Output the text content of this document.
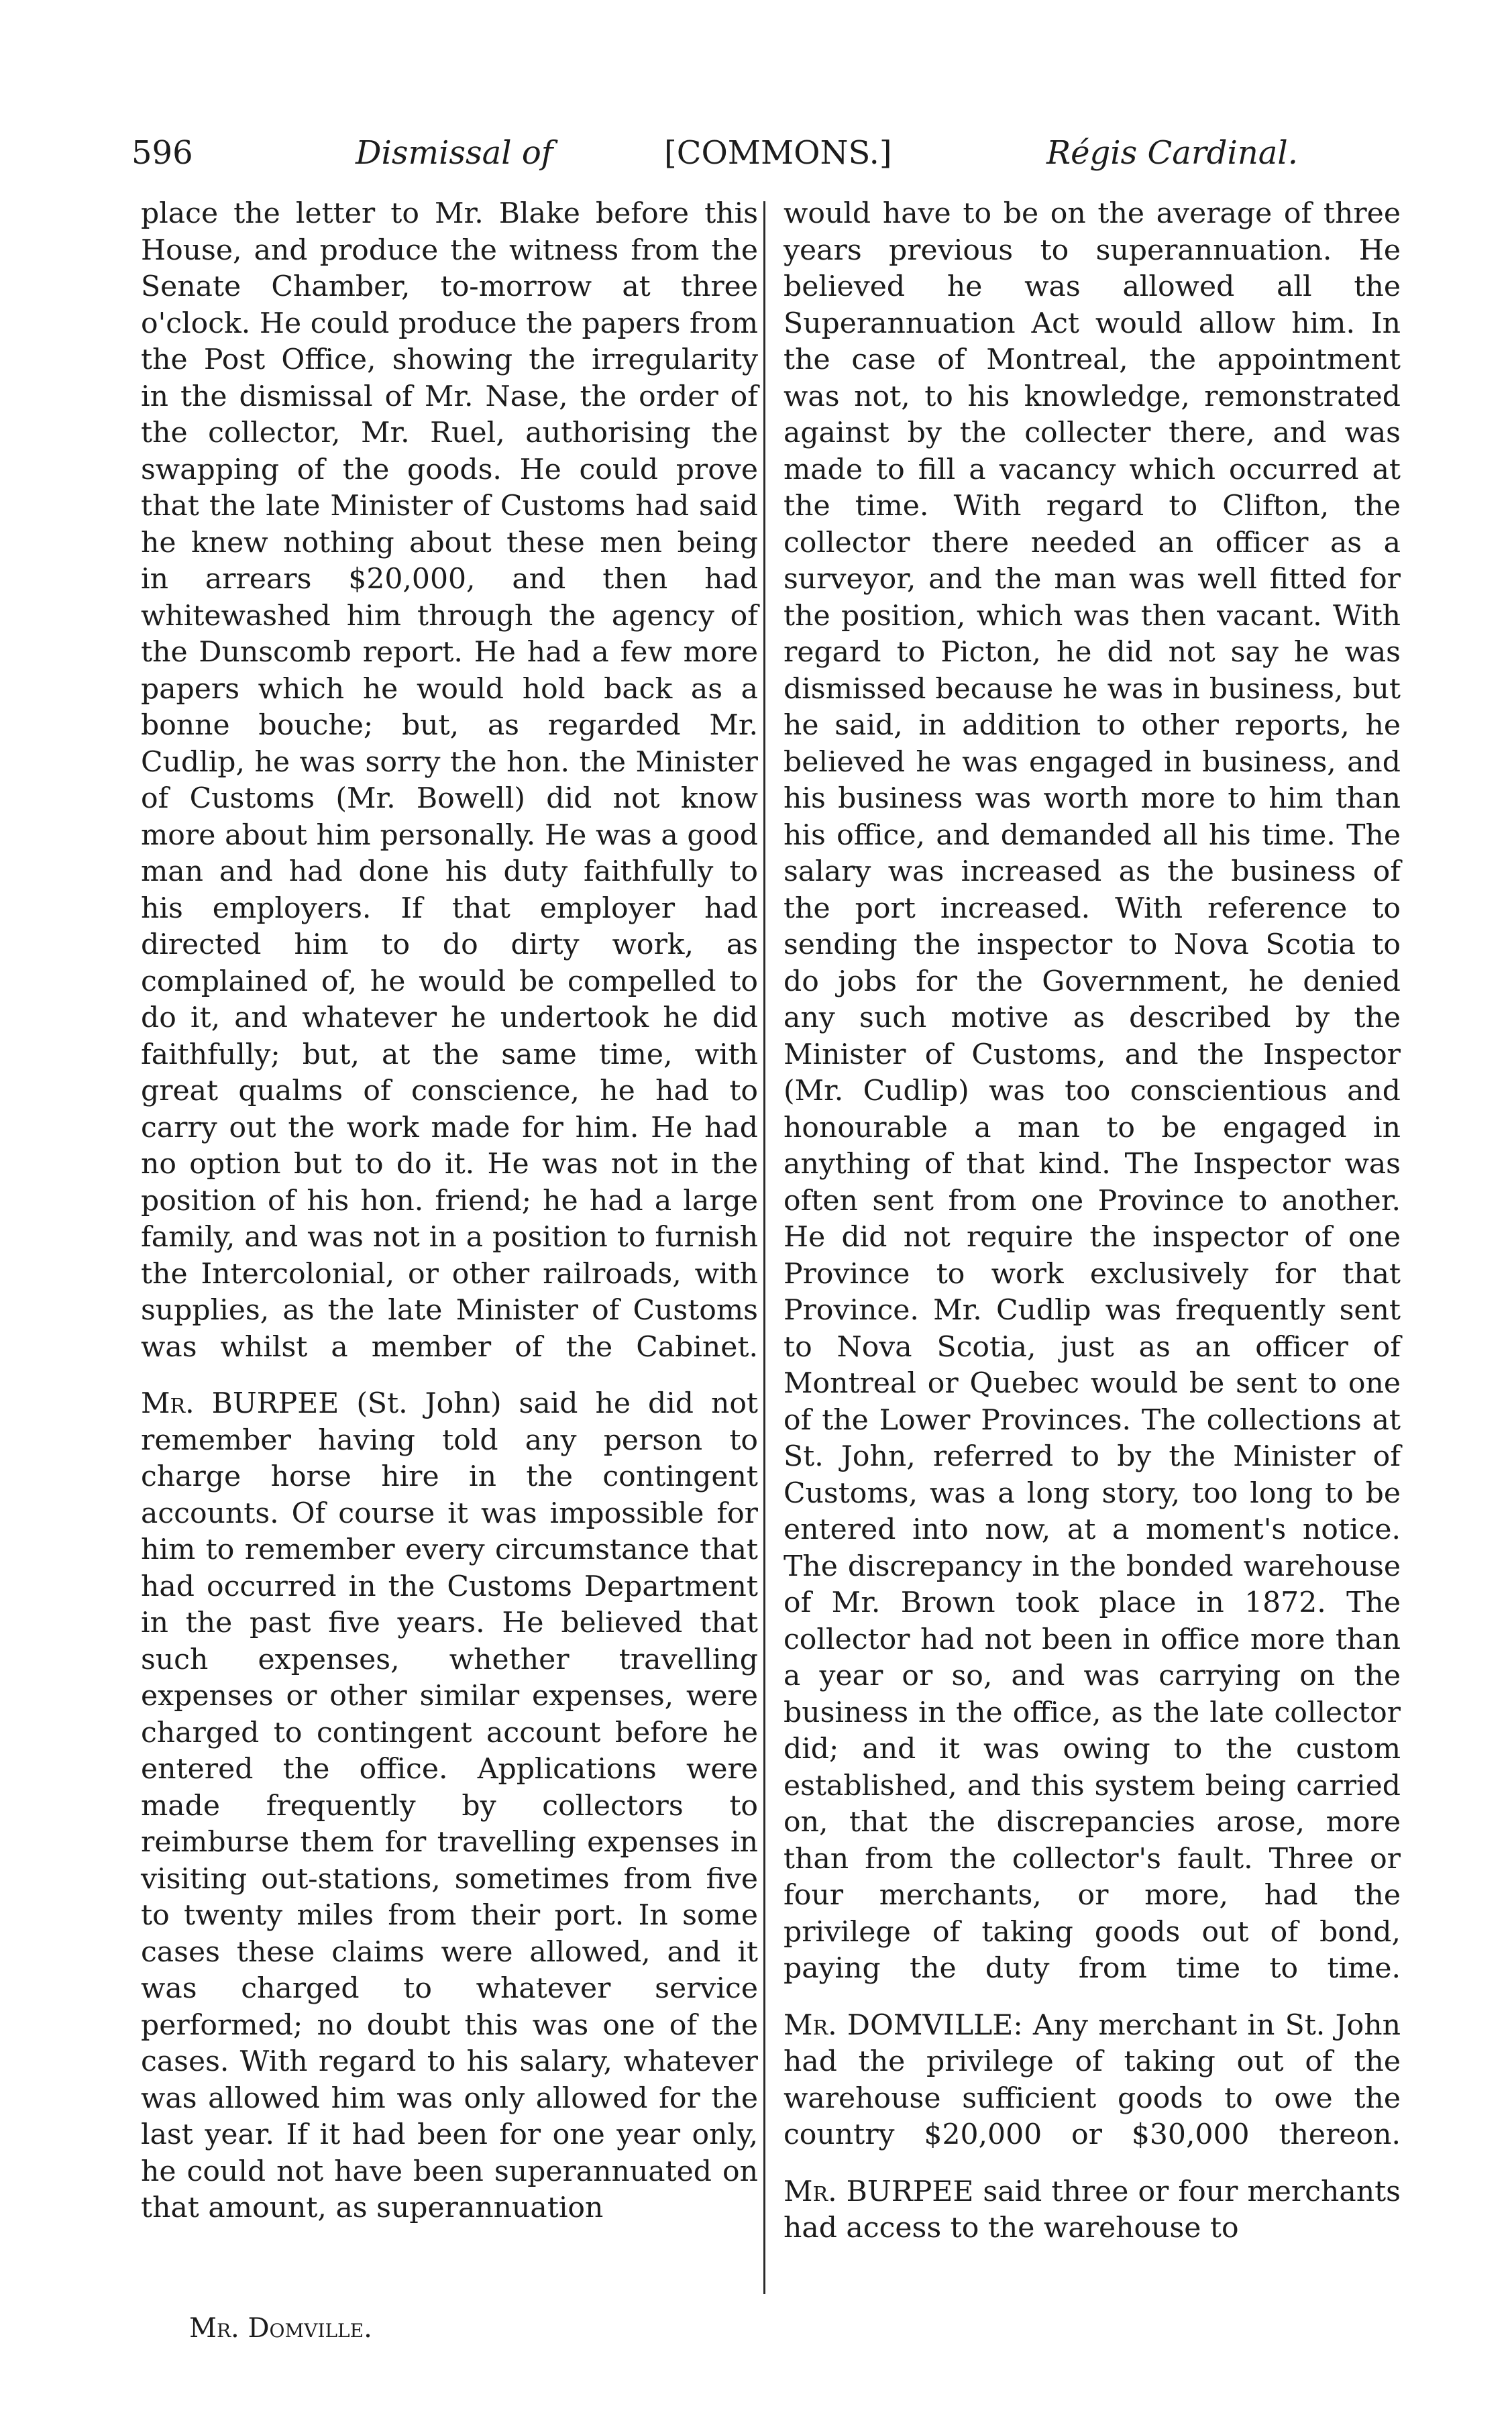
596	Dismissal of	[COMMONS.]	Régis Cardinal.

place the letter to Mr. Blake before this House, and produce the witness from the Senate Chamber, to-morrow at three o'clock. He could produce the papers from the Post Office, showing the irregularity in the dismissal of Mr. Nase, the order of the collector, Mr. Ruel, authorising the swapping of the goods. He could prove that the late Minister of Customs had said he knew nothing about these men being in arrears $20,000, and then had whitewashed him through the agency of the Dunscomb report. He had a few more papers which he would hold back as a bonne bouche; but, as regarded Mr. Cudlip, he was sorry the hon. the Minister of Customs (Mr. Bowell) did not know more about him personally. He was a good man and had done his duty faithfully to his employers. If that employer had directed him to do dirty work, as complained of, he would be compelled to do it, and whatever he undertook he did faithfully; but, at the same time, with great qualms of conscience, he had to carry out the work made for him. He had no option but to do it. He was not in the position of his hon. friend; he had a large family, and was not in a position to furnish the Intercolonial, or other railroads, with supplies, as the late Minister of Customs was whilst a member of the Cabinet.

Mr. BURPEE (St. John) said he did not remember having told any person to charge horse hire in the contingent accounts. Of course it was impossible for him to remember every circumstance that had occurred in the Customs Department in the past five years. He believed that such expenses, whether travelling expenses or other similar expenses, were charged to contingent account before he entered the office. Applications were made frequently by collectors to reimburse them for travelling expenses in visiting out-stations, sometimes from five to twenty miles from their port. In some cases these claims were allowed, and it was charged to whatever service performed; no doubt this was one of the cases. With regard to his salary, whatever was allowed him was only allowed for the last year. If it had been for one year only, he could not have been superannuated on that amount, as superannuation

would have to be on the average of three years previous to superannuation. He believed he was allowed all the Superannuation Act would allow him. In the case of Montreal, the appointment was not, to his knowledge, remonstrated against by the collecter there, and was made to fill a vacancy which occurred at the time. With regard to Clifton, the collector there needed an officer as a surveyor, and the man was well fitted for the position, which was then vacant. With regard to Picton, he did not say he was dismissed because he was in business, but he said, in addition to other reports, he believed he was engaged in business, and his business was worth more to him than his office, and demanded all his time. The salary was increased as the business of the port increased. With reference to sending the inspector to Nova Scotia to do jobs for the Government, he denied any such motive as described by the Minister of Customs, and the Inspector (Mr. Cudlip) was too conscientious and honourable a man to be engaged in anything of that kind. The Inspector was often sent from one Province to another. He did not require the inspector of one Province to work exclusively for that Province. Mr. Cudlip was frequently sent to Nova Scotia, just as an officer of Montreal or Quebec would be sent to one of the Lower Provinces. The collections at St. John, referred to by the Minister of Customs, was a long story, too long to be entered into now, at a moment's notice. The discrepancy in the bonded warehouse of Mr. Brown took place in 1872. The collector had not been in office more than a year or so, and was carrying on the business in the office, as the late collector did; and it was owing to the custom established, and this system being carried on, that the discrepancies arose, more than from the collector's fault. Three or four merchants, or more, had the privilege of taking goods out of bond, paying the duty from time to time.

Mr. DOMVILLE: Any merchant in St. John had the privilege of taking out of the warehouse sufficient goods to owe the country $20,000 or $30,000 thereon.

Mr. BURPEE said three or four merchants had access to the warehouse to

Mr. Domville.
